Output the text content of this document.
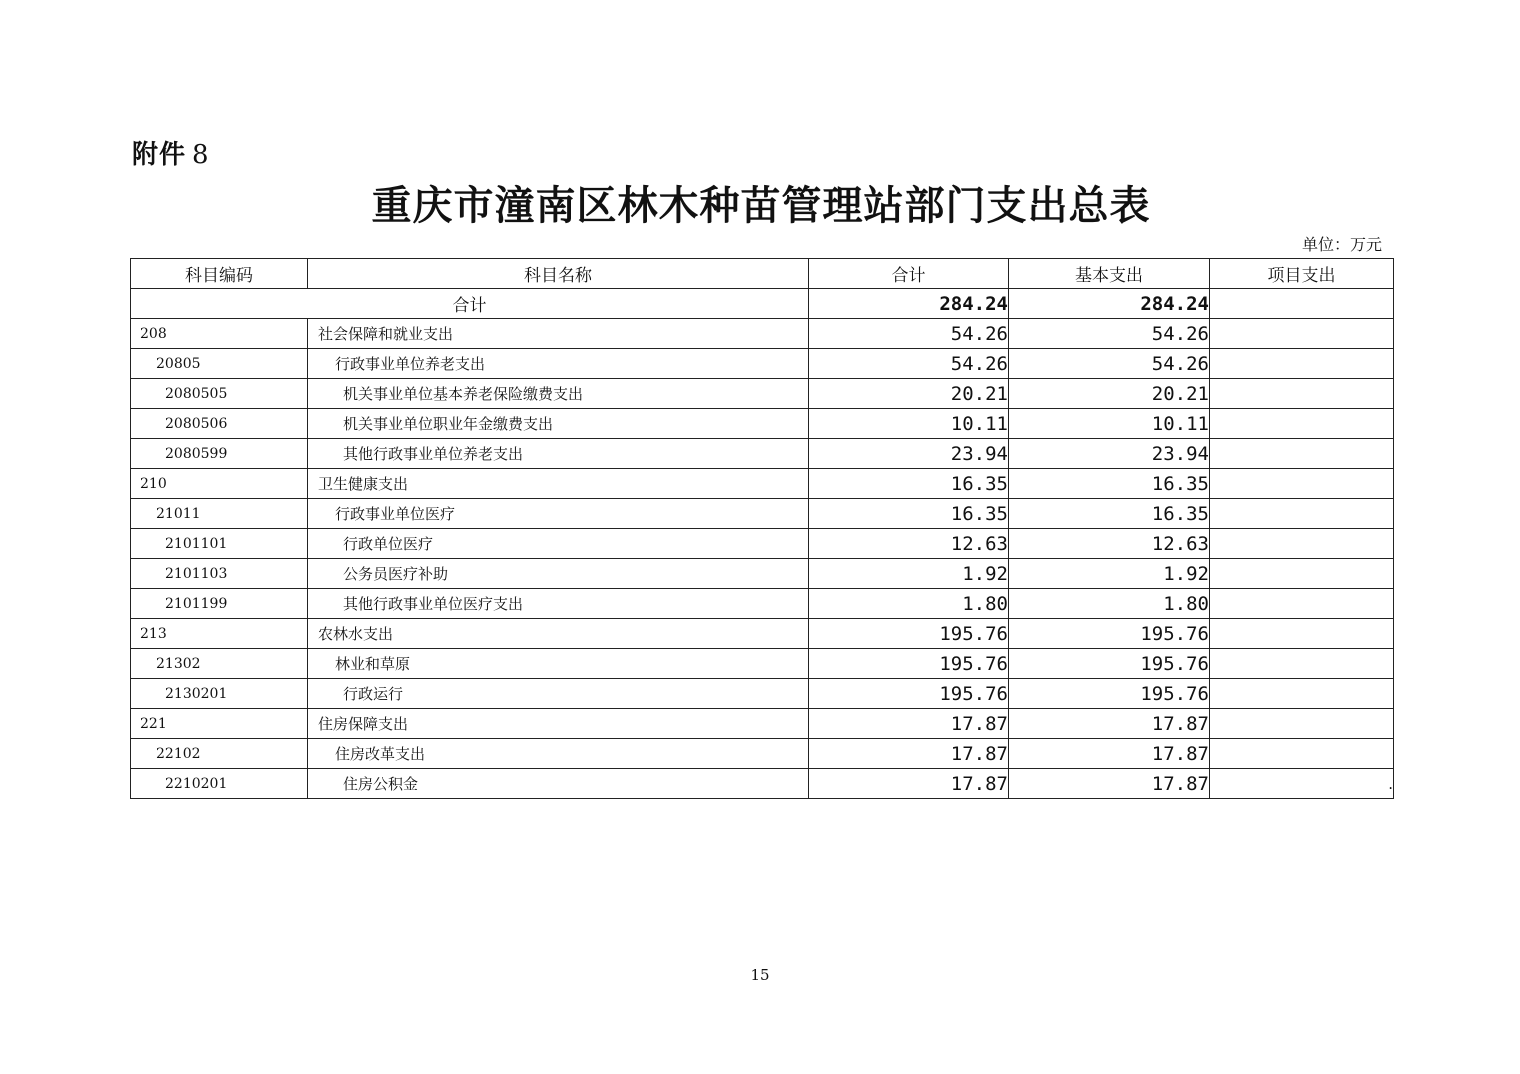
附件 8
重庆市潼南区林木种苗管理站部门支出总表
单位：万元
科目编码	科目名称	合计	基本支出	项目支出
合计		284.24	284.24	
208	社会保障和就业支出	54.26	54.26	
20805	行政事业单位养老支出	54.26	54.26	
2080505	机关事业单位基本养老保险缴费支出	20.21	20.21	
2080506	机关事业单位职业年金缴费支出	10.11	10.11	
2080599	其他行政事业单位养老支出	23.94	23.94	
210	卫生健康支出	16.35	16.35	
21011	行政事业单位医疗	16.35	16.35	
2101101	行政单位医疗	12.63	12.63	
2101103	公务员医疗补助	1.92	1.92	
2101199	其他行政事业单位医疗支出	1.80	1.80	
213	农林水支出	195.76	195.76	
21302	林业和草原	195.76	195.76	
2130201	行政运行	195.76	195.76	
221	住房保障支出	17.87	17.87	
22102	住房改革支出	17.87	17.87	
2210201	住房公积金	17.87	17.87	.
15
